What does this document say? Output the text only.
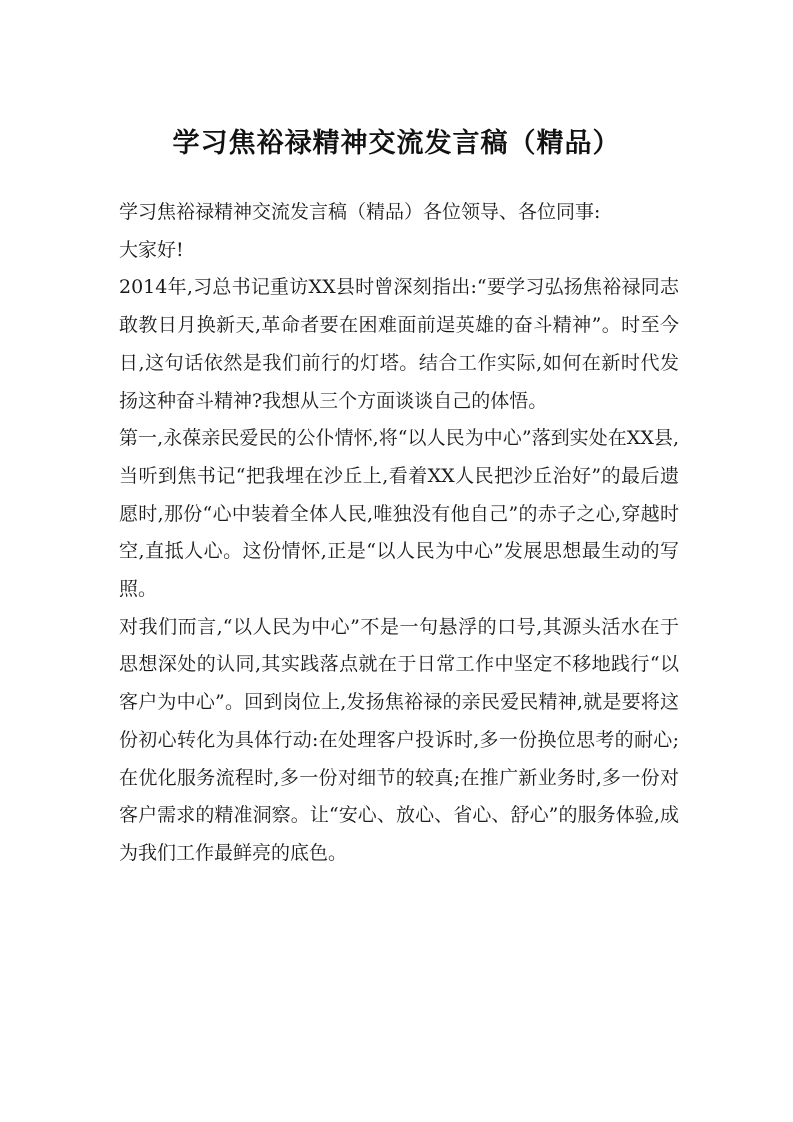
学习焦裕禄精神交流发言稿（精品）

学习焦裕禄精神交流发言稿（精品）各位领导、各位同事:

大家好!

2014年,习总书记重访XX县时曾深刻指出:“要学习弘扬焦裕禄同志敢教日月换新天,革命者要在困难面前逞英雄的奋斗精神”。时至今日,这句话依然是我们前行的灯塔。结合工作实际,如何在新时代发扬这种奋斗精神?我想从三个方面谈谈自己的体悟。

第一,永葆亲民爱民的公仆情怀,将“以人民为中心”落到实处在XX县,当听到焦书记“把我埋在沙丘上,看着XX人民把沙丘治好”的最后遗愿时,那份“心中装着全体人民,唯独没有他自己”的赤子之心,穿越时空,直抵人心。这份情怀,正是“以人民为中心”发展思想最生动的写照。

对我们而言,“以人民为中心”不是一句悬浮的口号,其源头活水在于思想深处的认同,其实践落点就在于日常工作中坚定不移地践行“以客户为中心”。回到岗位上,发扬焦裕禄的亲民爱民精神,就是要将这份初心转化为具体行动:在处理客户投诉时,多一份换位思考的耐心;在优化服务流程时,多一份对细节的较真;在推广新业务时,多一份对客户需求的精准洞察。让“安心、放心、省心、舒心”的服务体验,成为我们工作最鲜亮的底色。
